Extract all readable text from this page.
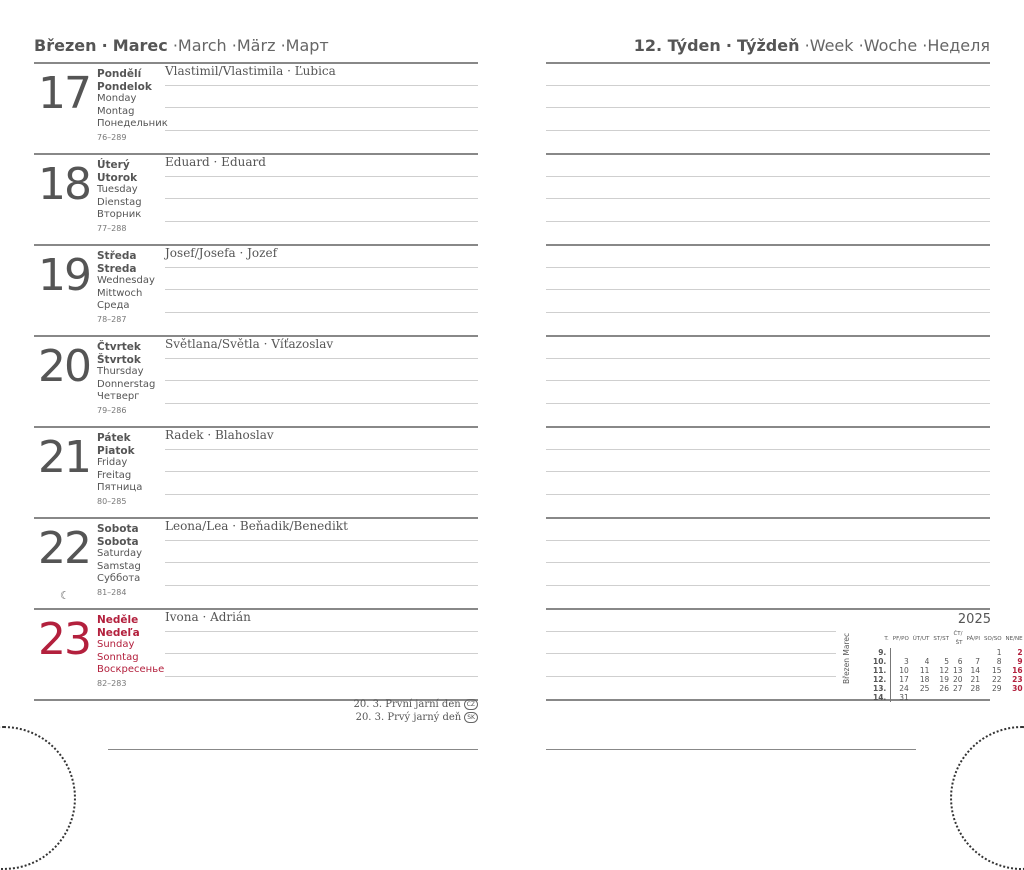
Březen · Marec ·March ·März ·Март	12. Týden · Týždeň ·Week ·Woche ·Неделя
17 Pondělí
Pondelok
Monday
Montag
Понедельник
76–289
Vlastimil/Vlastimila · Ľubica
18 Úterý
Utorok
Tuesday
Dienstag
Вторник
77–288
Eduard · Eduard
19 Středa
Streda
Wednesday
Mittwoch
Среда
78–287
Josef/Josefa · Jozef
20 Čtvrtek
Štvrtok
Thursday
Donnerstag
Четверг
79–286
Světlana/Světla · Víťazoslav
21 Pátek
Piatok
Friday
Freitag
Пятница
80–285
Radek · Blahoslav
22 Sobota
Sobota
Saturday
Samstag
Суббота
81–284
Leona/Lea · Beňadik/Benedikt
☾
23 Neděle
Nedeľa
Sunday
Sonntag
Воскресенье
82–283
Ivona · Adrián
20. 3. První jarní den CZ
20. 3. Prvý jarný deň SK
2025
Březen Marec	T.	PF/PO	ÚT/UT	ST/ST	ČT/ŠT	PÁ/PI	SO/SO	NE/NE
9.						1	2
10.	3	4	5	6	7	8	9
11.	10	11	12	13	14	15	16
12.	17	18	19	20	21	22	23
13.	24	25	26	27	28	29	30
14.	31						
